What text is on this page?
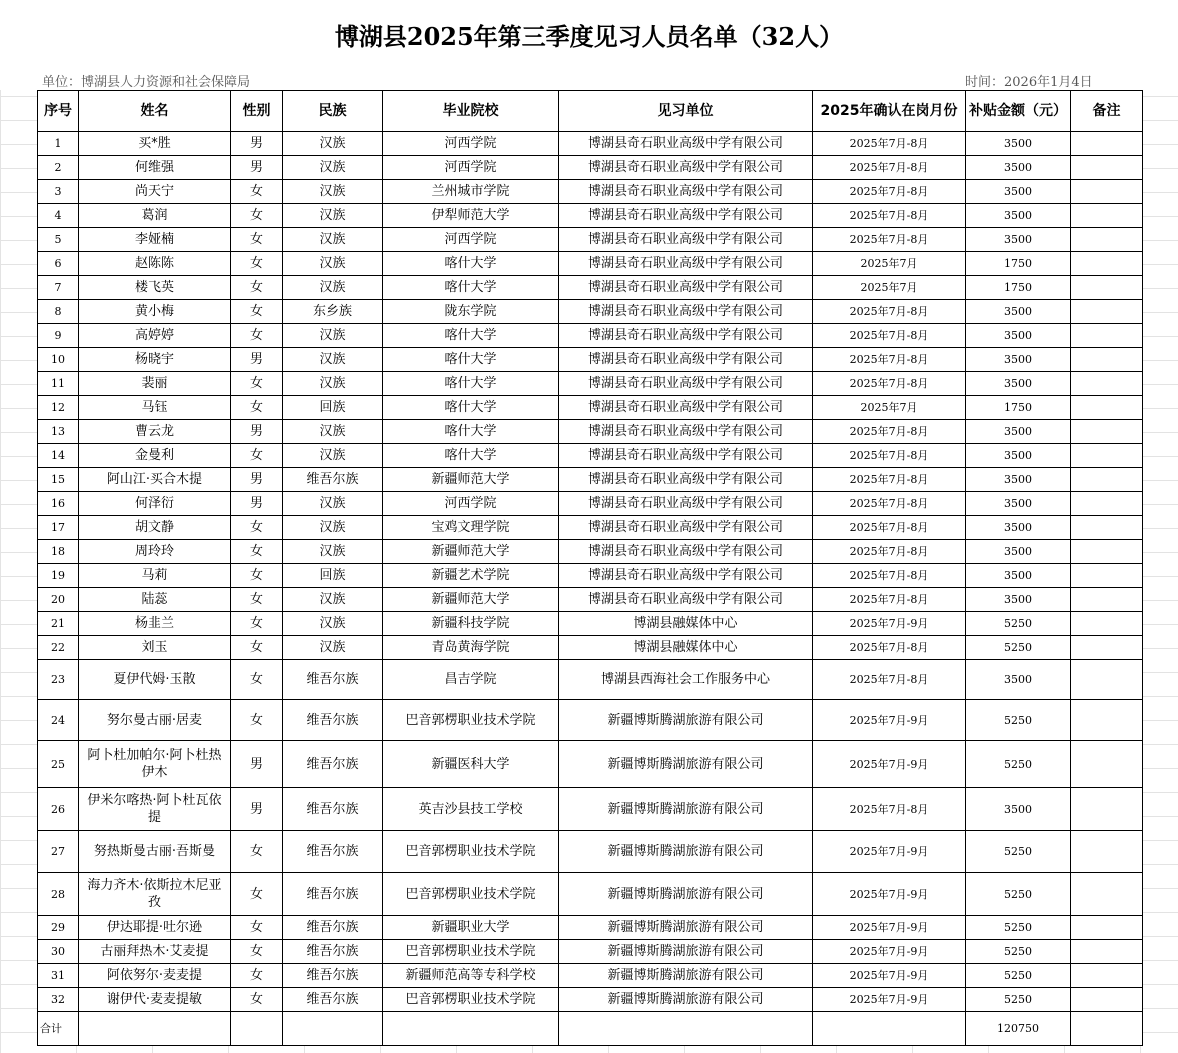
博湖县2025年第三季度见习人员名单（32人）
单位：博湖县人力资源和社会保障局	时间：2026年1月4日
序号	姓名	性别	民族	毕业院校	见习单位	2025年确认在岗月份	补贴金额（元）	备注
1	买*胜	男	汉族	河西学院	博湖县奇石职业高级中学有限公司	2025年7月-8月	3500	
2	何维强	男	汉族	河西学院	博湖县奇石职业高级中学有限公司	2025年7月-8月	3500	
3	尚天宁	女	汉族	兰州城市学院	博湖县奇石职业高级中学有限公司	2025年7月-8月	3500	
4	葛润	女	汉族	伊犁师范大学	博湖县奇石职业高级中学有限公司	2025年7月-8月	3500	
5	李娅楠	女	汉族	河西学院	博湖县奇石职业高级中学有限公司	2025年7月-8月	3500	
6	赵陈陈	女	汉族	喀什大学	博湖县奇石职业高级中学有限公司	2025年7月	1750	
7	楼飞英	女	汉族	喀什大学	博湖县奇石职业高级中学有限公司	2025年7月	1750	
8	黄小梅	女	东乡族	陇东学院	博湖县奇石职业高级中学有限公司	2025年7月-8月	3500	
9	高婷婷	女	汉族	喀什大学	博湖县奇石职业高级中学有限公司	2025年7月-8月	3500	
10	杨晓宇	男	汉族	喀什大学	博湖县奇石职业高级中学有限公司	2025年7月-8月	3500	
11	裴丽	女	汉族	喀什大学	博湖县奇石职业高级中学有限公司	2025年7月-8月	3500	
12	马钰	女	回族	喀什大学	博湖县奇石职业高级中学有限公司	2025年7月	1750	
13	曹云龙	男	汉族	喀什大学	博湖县奇石职业高级中学有限公司	2025年7月-8月	3500	
14	金曼利	女	汉族	喀什大学	博湖县奇石职业高级中学有限公司	2025年7月-8月	3500	
15	阿山江·买合木提	男	维吾尔族	新疆师范大学	博湖县奇石职业高级中学有限公司	2025年7月-8月	3500	
16	何泽衍	男	汉族	河西学院	博湖县奇石职业高级中学有限公司	2025年7月-8月	3500	
17	胡文静	女	汉族	宝鸡文理学院	博湖县奇石职业高级中学有限公司	2025年7月-8月	3500	
18	周玲玲	女	汉族	新疆师范大学	博湖县奇石职业高级中学有限公司	2025年7月-8月	3500	
19	马莉	女	回族	新疆艺术学院	博湖县奇石职业高级中学有限公司	2025年7月-8月	3500	
20	陆蕊	女	汉族	新疆师范大学	博湖县奇石职业高级中学有限公司	2025年7月-8月	3500	
21	杨韭兰	女	汉族	新疆科技学院	博湖县融媒体中心	2025年7月-9月	5250	
22	刘玉	女	汉族	青岛黄海学院	博湖县融媒体中心	2025年7月-8月	5250	
23	夏伊代姆·玉散	女	维吾尔族	昌吉学院	博湖县西海社会工作服务中心	2025年7月-8月	3500	
24	努尔曼古丽·居麦	女	维吾尔族	巴音郭楞职业技术学院	新疆博斯腾湖旅游有限公司	2025年7月-9月	5250	
25	阿卜杜加帕尔·阿卜杜热伊木	男	维吾尔族	新疆医科大学	新疆博斯腾湖旅游有限公司	2025年7月-9月	5250	
26	伊米尔喀热·阿卜杜瓦依提	男	维吾尔族	英吉沙县技工学校	新疆博斯腾湖旅游有限公司	2025年7月-8月	3500	
27	努热斯曼古丽·吾斯曼	女	维吾尔族	巴音郭楞职业技术学院	新疆博斯腾湖旅游有限公司	2025年7月-9月	5250	
28	海力齐木·依斯拉木尼亚孜	女	维吾尔族	巴音郭楞职业技术学院	新疆博斯腾湖旅游有限公司	2025年7月-9月	5250	
29	伊达耶提·吐尔逊	女	维吾尔族	新疆职业大学	新疆博斯腾湖旅游有限公司	2025年7月-9月	5250	
30	古丽拜热木·艾麦提	女	维吾尔族	巴音郭楞职业技术学院	新疆博斯腾湖旅游有限公司	2025年7月-9月	5250	
31	阿依努尔·麦麦提	女	维吾尔族	新疆师范高等专科学校	新疆博斯腾湖旅游有限公司	2025年7月-9月	5250	
32	谢伊代·麦麦提敏	女	维吾尔族	巴音郭楞职业技术学院	新疆博斯腾湖旅游有限公司	2025年7月-9月	5250	
合计							120750	
